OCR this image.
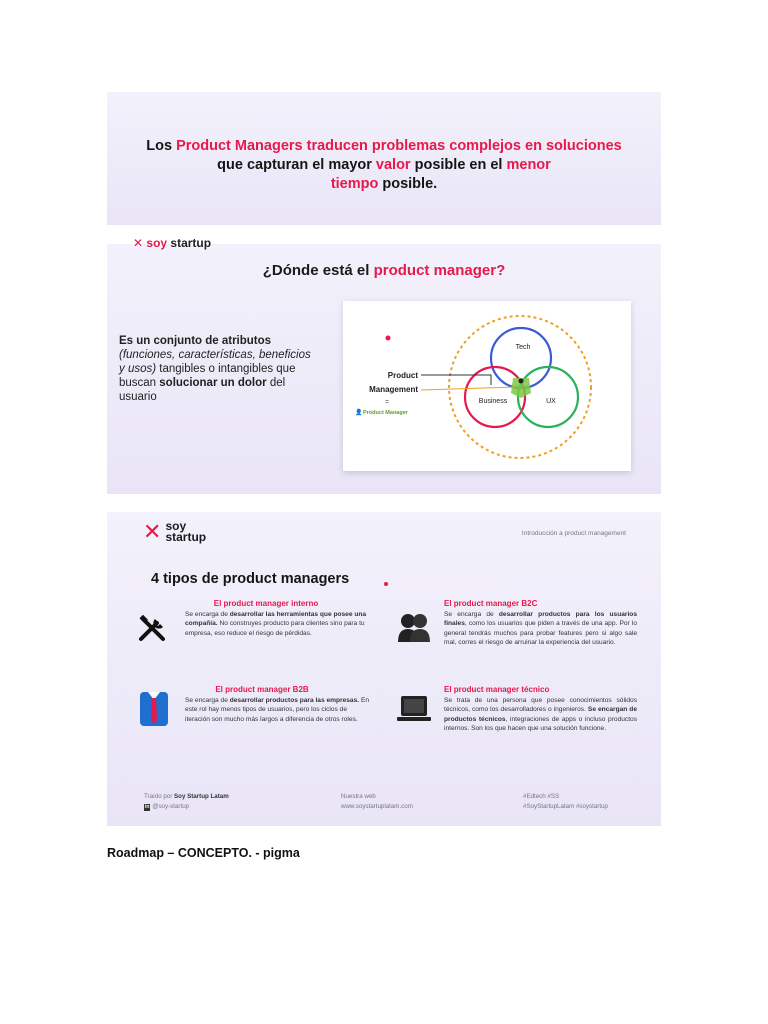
Los Product Managers traducen problemas complejos en soluciones
que capturan el mayor valor posible en el menor
tiempo posible.
✕ soy startup
¿Dónde está el product manager?
Es un conjunto de atributos (funciones, características, beneficios y usos) tangibles o intangibles que buscan solucionar un dolor del usuario
Product
Management
=
👤 Product Manager
Tech
Business	UX
✕ soy
startup	Introducción a product management
4 tipos de product managers
El product manager interno
Se encarga de desarrollar las herramientas que posee una compañía. No construyes producto para clientes sino para tu empresa, eso reduce el riesgo de pérdidas.
El product manager B2C
Se encarga de desarrollar productos para los usuarios finales, como los usuarios que piden a través de una app. Por lo general tendrás muchos para probar features pero si algo sale mal, corres el riesgo de arruinar la experiencia del usuario.
El product manager B2B
Se encarga de desarrollar productos para las empresas. En este rol hay menos tipos de usuarios, pero los ciclos de iteración son mucho más largos a diferencia de otros roles.
El product manager técnico
Se trata de una persona que posee conocimientos sólidos técnicos, como los desarrolladores o ingenieros. Se encargan de productos técnicos, integraciones de apps o incluso productos internos. Son los que hacen que una solución funcione.
Traído por Soy Startup Latam
in @soy-startup
Nuestra web
www.soystartuplatam.com
#Edtech #SS
#SoyStartupLatam #soystartup
Roadmap – CONCEPTO. - pigma
